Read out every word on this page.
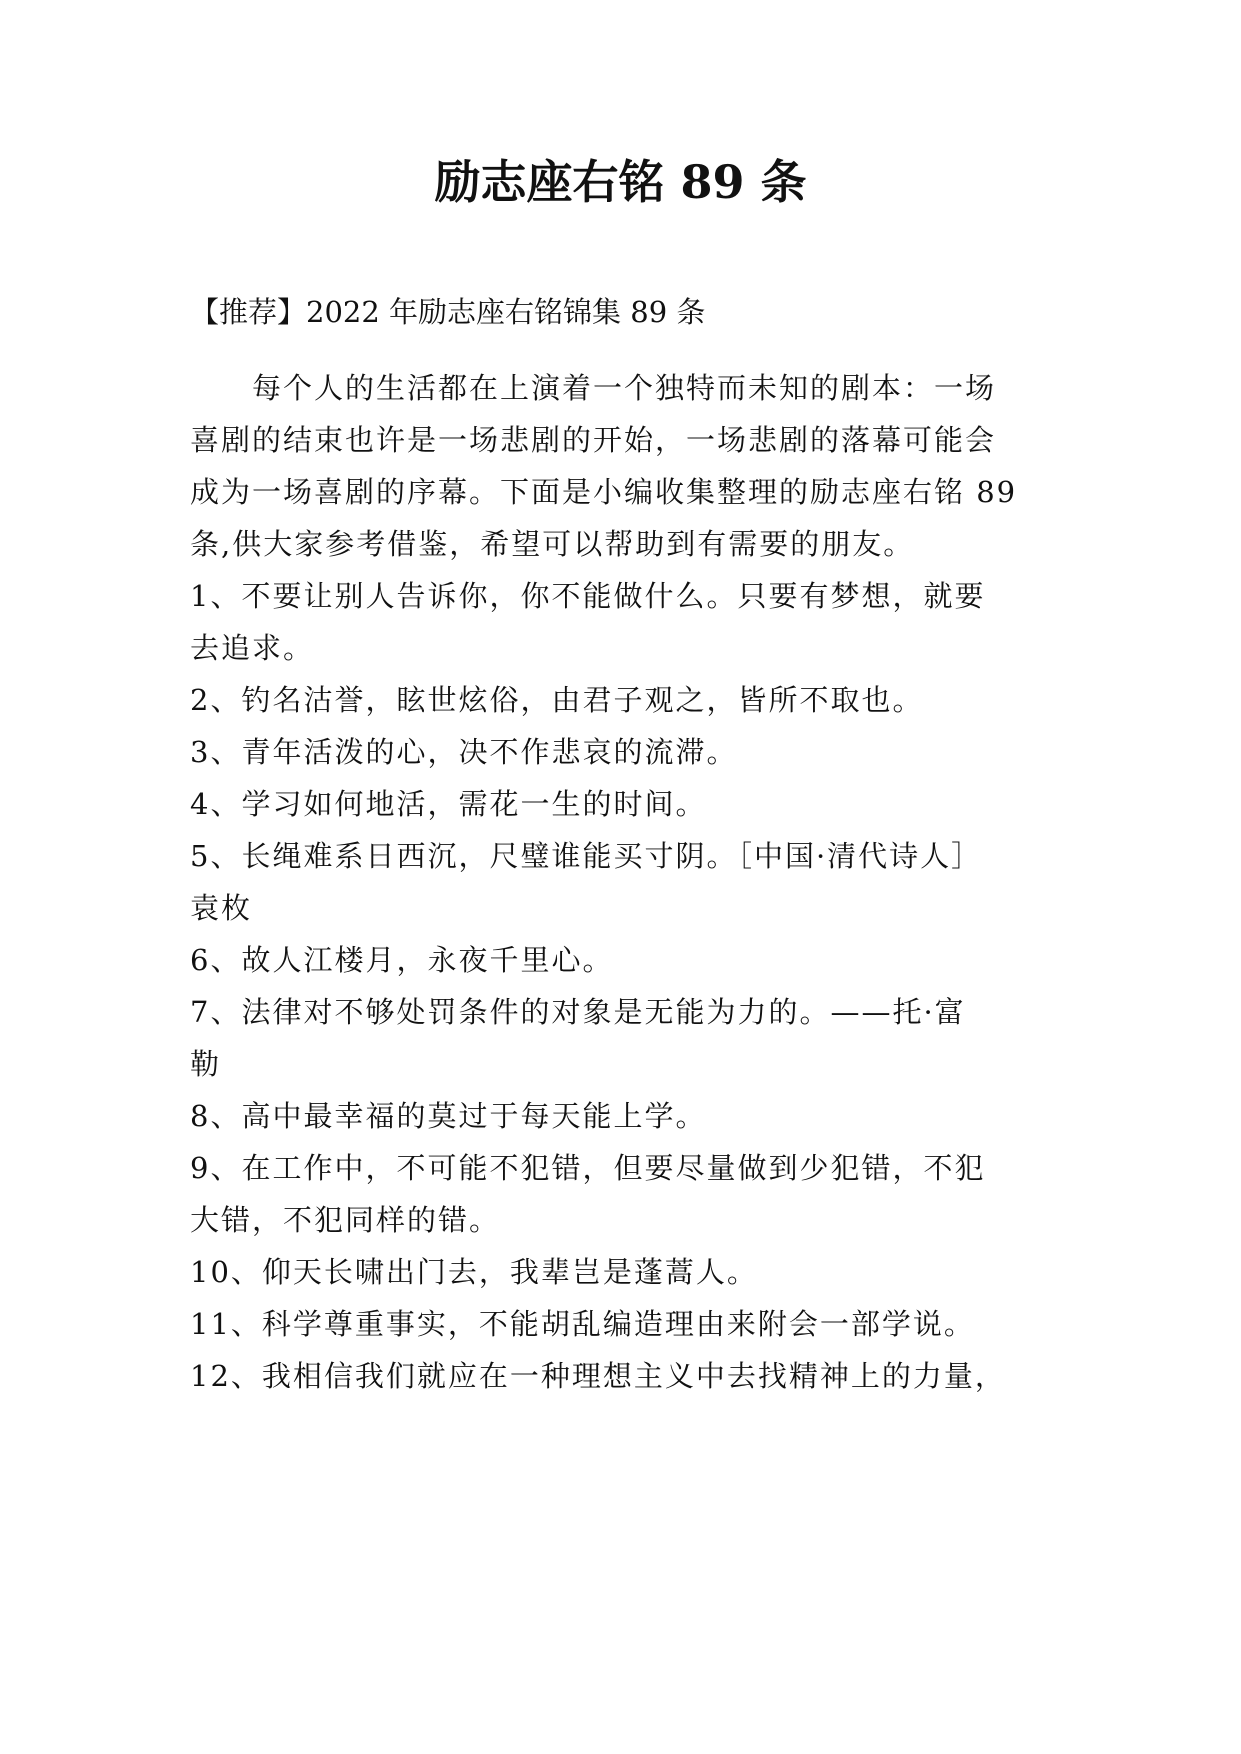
励志座右铭 89 条
【推荐】2022 年励志座右铭锦集 89 条
每个人的生活都在上演着一个独特而未知的剧本：一场
喜剧的结束也许是一场悲剧的开始，一场悲剧的落幕可能会
成为一场喜剧的序幕。下面是小编收集整理的励志座右铭 89
条,供大家参考借鉴，希望可以帮助到有需要的朋友。
1、不要让别人告诉你，你不能做什么。只要有梦想，就要
去追求。
2、钓名沽誉，眩世炫俗，由君子观之，皆所不取也。
3、青年活泼的心，决不作悲哀的流滞。
4、学习如何地活，需花一生的时间。
5、长绳难系日西沉，尺璧谁能买寸阴。［中国·清代诗人］
袁枚
6、故人江楼月，永夜千里心。
7、法律对不够处罚条件的对象是无能为力的。——托·富
勒
8、高中最幸福的莫过于每天能上学。
9、在工作中，不可能不犯错，但要尽量做到少犯错，不犯
大错，不犯同样的错。
10、仰天长啸出门去，我辈岂是蓬蒿人。
11、科学尊重事实，不能胡乱编造理由来附会一部学说。
12、我相信我们就应在一种理想主义中去找精神上的力量，
